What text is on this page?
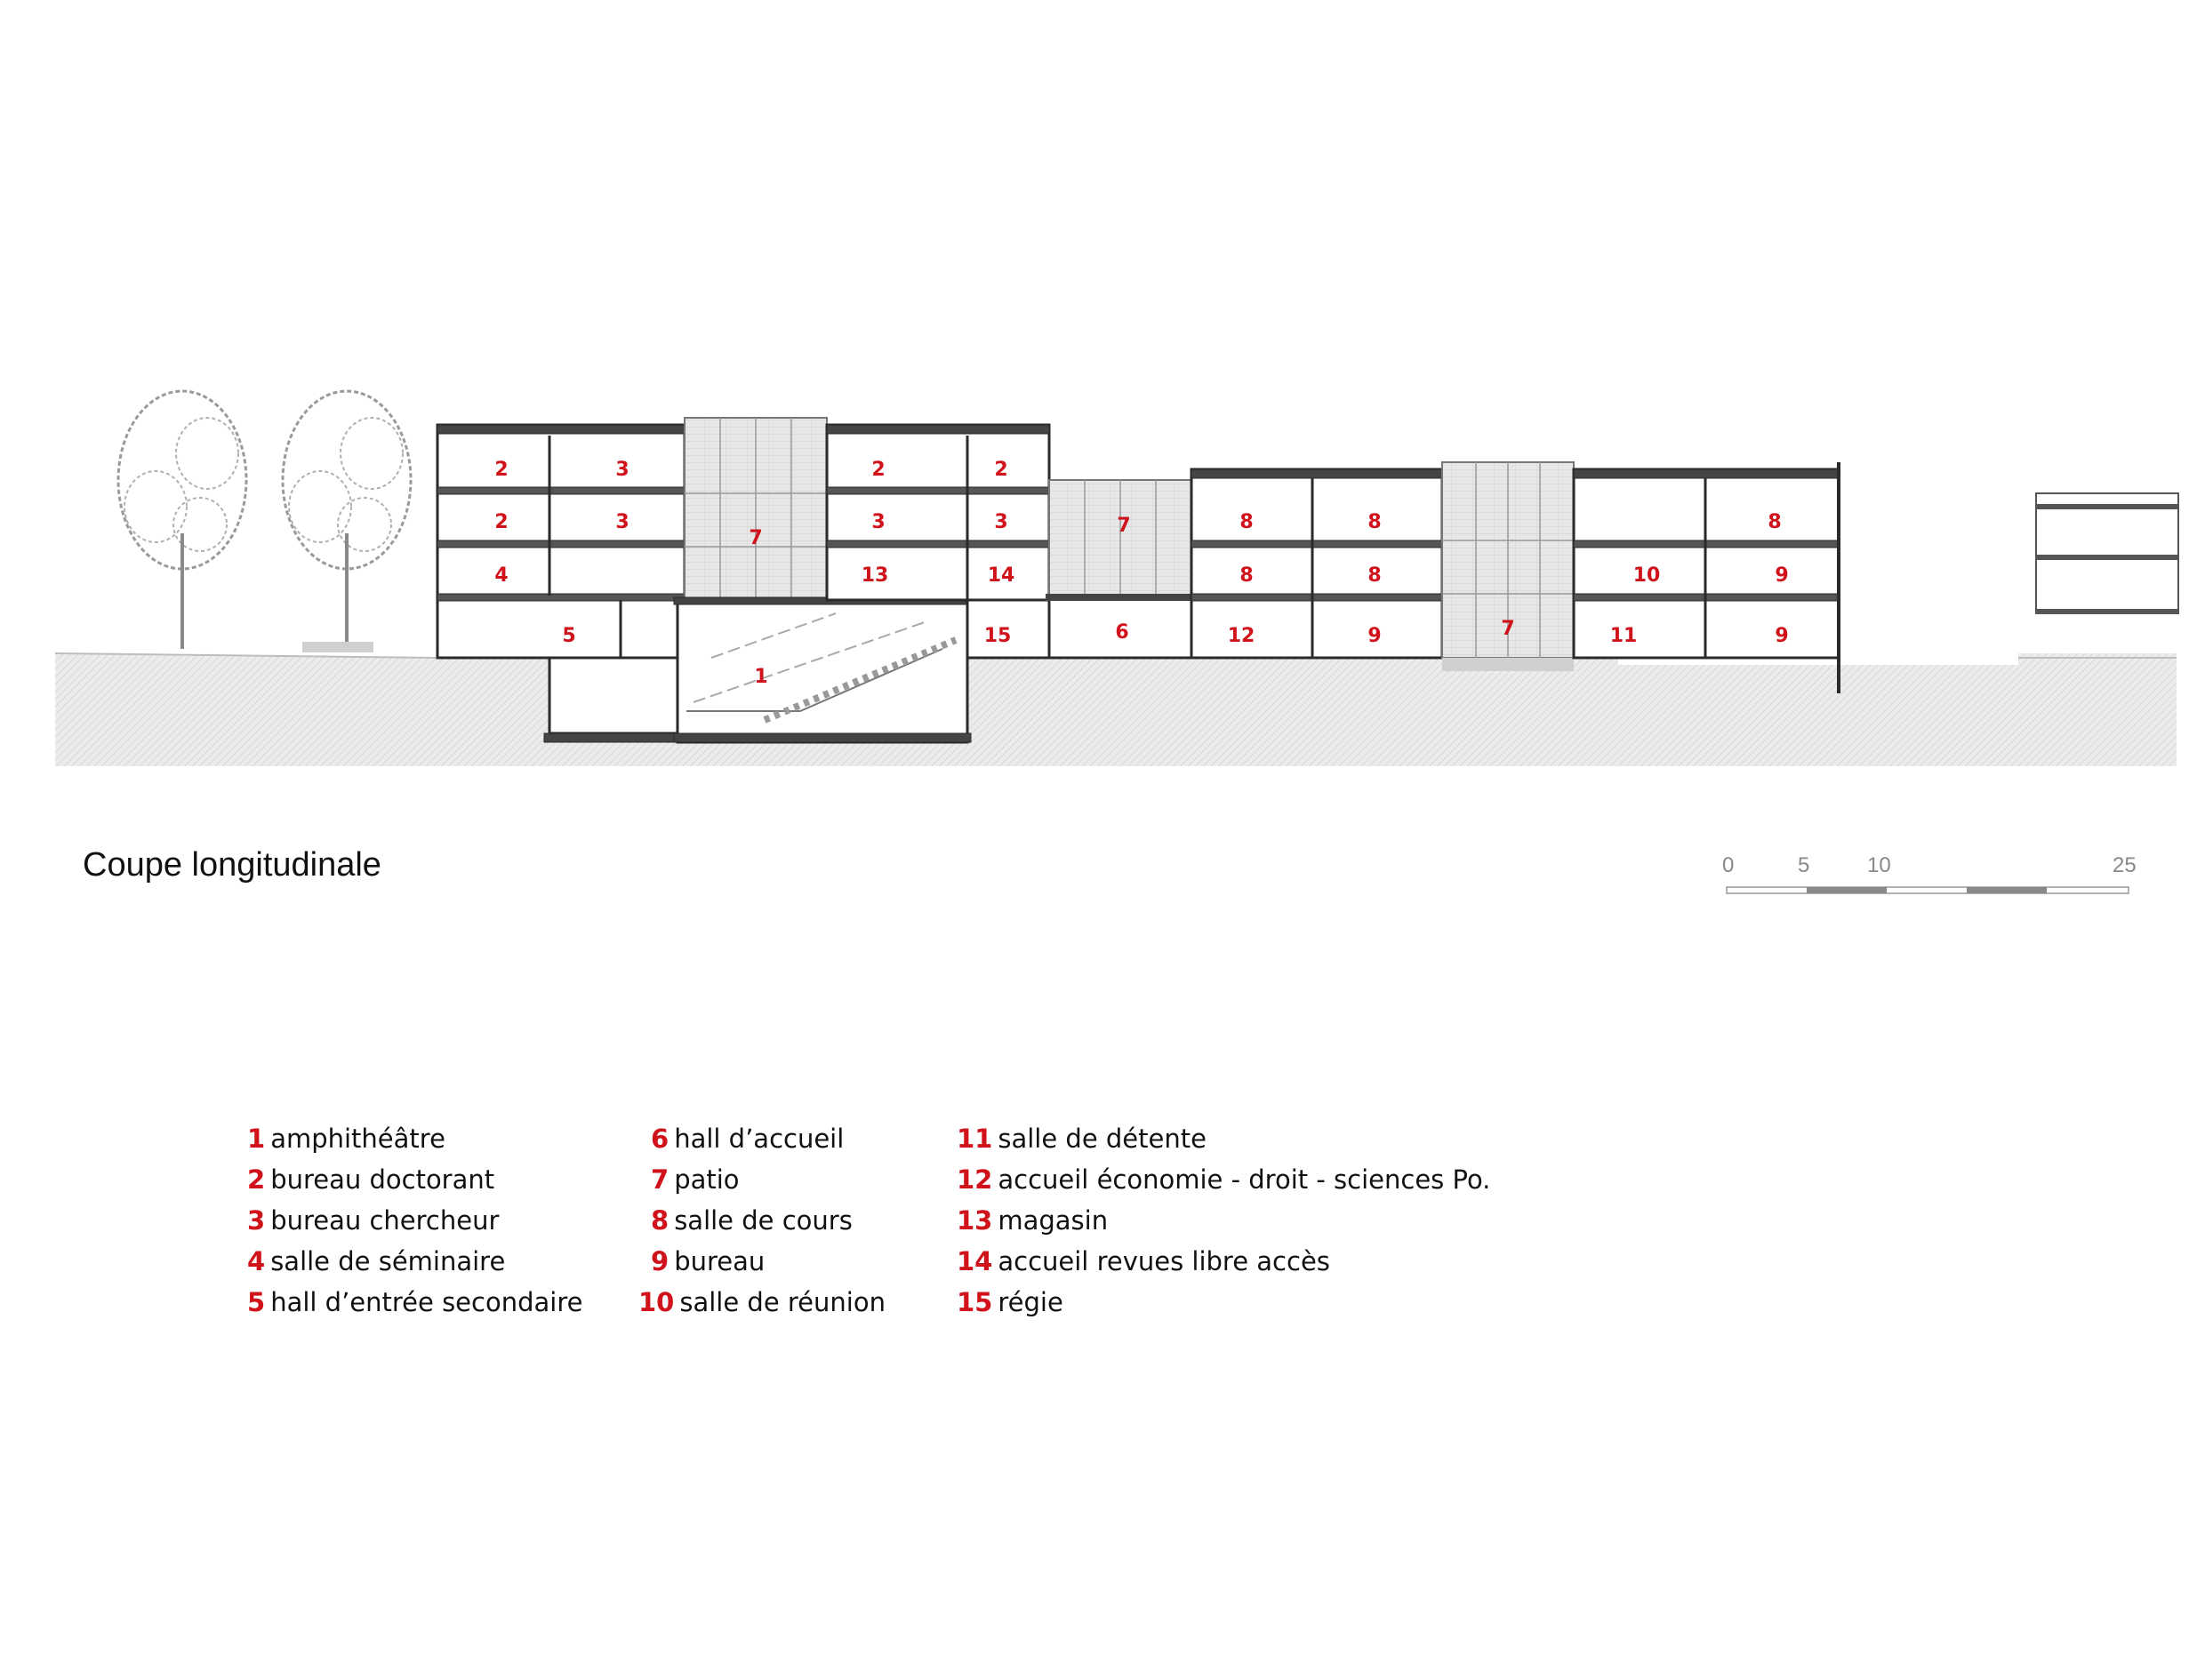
2
2
4
3
3
5
7
1
2
3
13
2
3
14
15
7
6
8
8
12
8
8
9	7
10
11
8
9
9
Coupe longitudinale	0	5	10	25
1 amphithéâtre
2 bureau doctorant
3 bureau chercheur
4 salle de séminaire
5 hall d’entrée secondaire
6 hall d’accueil
7 patio
8 salle de cours
9 bureau
10 salle de réunion
11 salle de détente
12 accueil économie - droit - sciences Po.
13 magasin
14 accueil revues libre accès
15 régie
